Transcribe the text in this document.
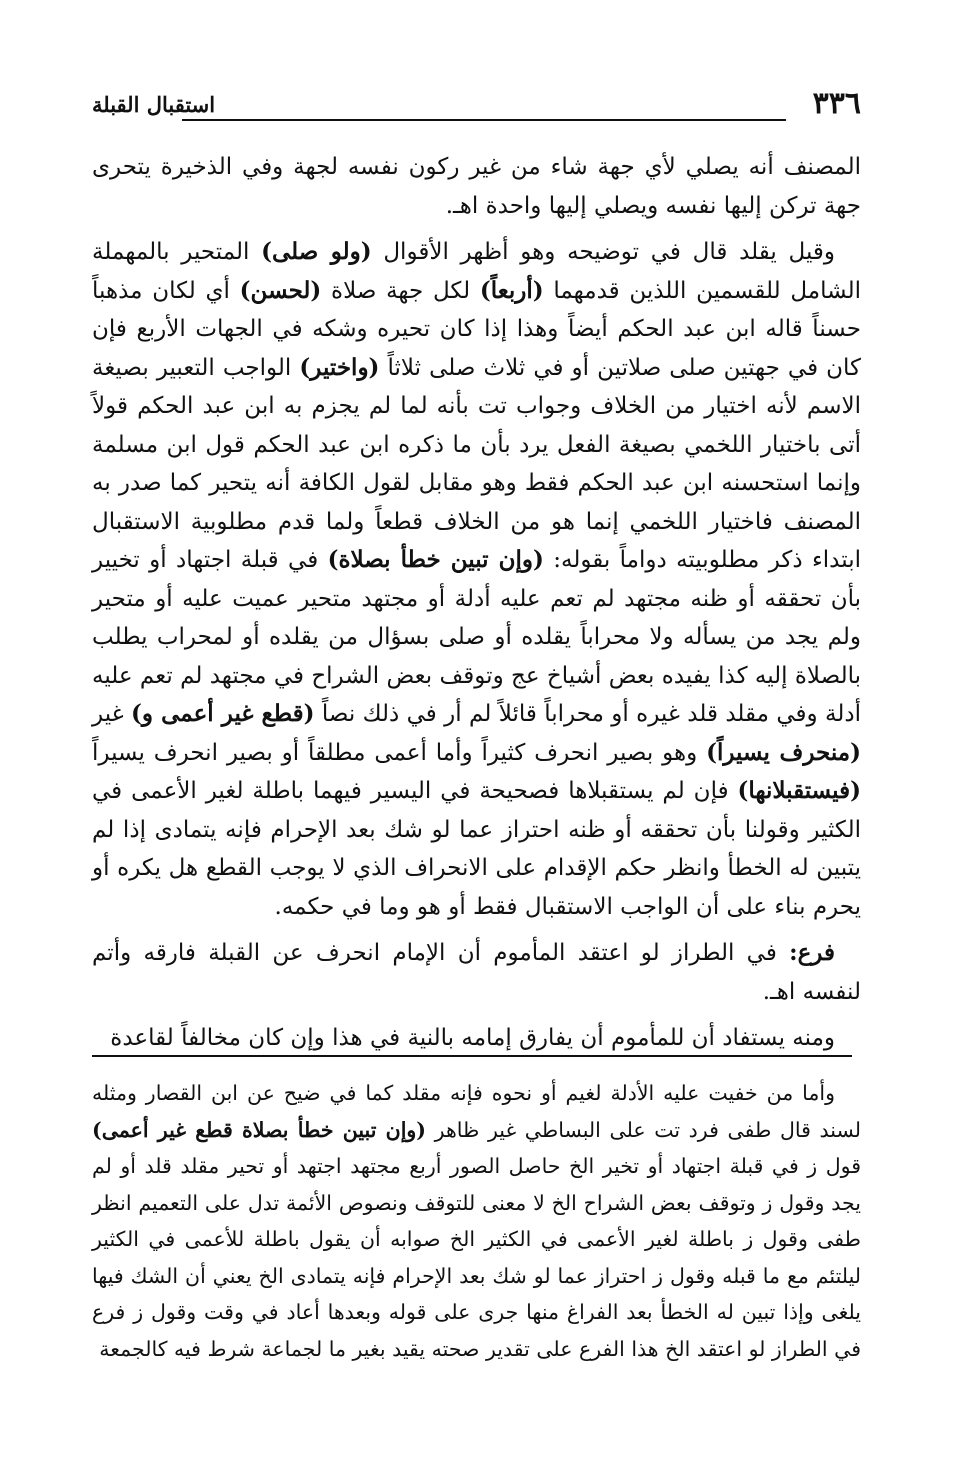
٣٣٦
استقبال القبلة

المصنف أنه يصلي لأي جهة شاء من غير ركون نفسه لجهة وفي الذخيرة يتحرى جهة تركن إليها نفسه ويصلي إليها واحدة اهـ.

وقيل يقلد قال في توضيحه وهو أظهر الأقوال (ولو صلى) المتحير بالمهملة الشامل للقسمين اللذين قدمهما (أربعاً) لكل جهة صلاة (لحسن) أي لكان مذهباً حسناً قاله ابن عبد الحكم أيضاً وهذا إذا كان تحيره وشكه في الجهات الأربع فإن كان في جهتين صلى صلاتين أو في ثلاث صلى ثلاثاً (واختير) الواجب التعبير بصيغة الاسم لأنه اختيار من الخلاف وجواب تت بأنه لما لم يجزم به ابن عبد الحكم قولاً أتى باختيار اللخمي بصيغة الفعل يرد بأن ما ذكره ابن عبد الحكم قول ابن مسلمة وإنما استحسنه ابن عبد الحكم فقط وهو مقابل لقول الكافة أنه يتحير كما صدر به المصنف فاختيار اللخمي إنما هو من الخلاف قطعاً ولما قدم مطلوبية الاستقبال ابتداء ذكر مطلوبيته دواماً بقوله: (وإن تبين خطأ بصلاة) في قبلة اجتهاد أو تخيير بأن تحققه أو ظنه مجتهد لم تعم عليه أدلة أو مجتهد متحير عميت عليه أو متحير ولم يجد من يسأله ولا محراباً يقلده أو صلى بسؤال من يقلده أو لمحراب يطلب بالصلاة إليه كذا يفيده بعض أشياخ عج وتوقف بعض الشراح في مجتهد لم تعم عليه أدلة وفي مقلد قلد غيره أو محراباً قائلاً لم أر في ذلك نصاً (قطع غير أعمى و) غير (منحرف يسيراً) وهو بصير انحرف كثيراً وأما أعمى مطلقاً أو بصير انحرف يسيراً (فيستقبلانها) فإن لم يستقبلاها فصحيحة في اليسير فيهما باطلة لغير الأعمى في الكثير وقولنا بأن تحققه أو ظنه احتراز عما لو شك بعد الإحرام فإنه يتمادى إذا لم يتبين له الخطأ وانظر حكم الإقدام على الانحراف الذي لا يوجب القطع هل يكره أو يحرم بناء على أن الواجب الاستقبال فقط أو هو وما في حكمه.

فرع: في الطراز لو اعتقد المأموم أن الإمام انحرف عن القبلة فارقه وأتم لنفسه اهـ.

ومنه يستفاد أن للمأموم أن يفارق إمامه بالنية في هذا وإن كان مخالفاً لقاعدة

وأما من خفيت عليه الأدلة لغيم أو نحوه فإنه مقلد كما في ضيح عن ابن القصار ومثله لسند قال طفى فرد تت على البساطي غير ظاهر (وإن تبين خطأ بصلاة قطع غير أعمى) قول ز في قبلة اجتهاد أو تخير الخ حاصل الصور أربع مجتهد اجتهد أو تحير مقلد قلد أو لم يجد وقول ز وتوقف بعض الشراح الخ لا معنى للتوقف ونصوص الأئمة تدل على التعميم انظر طفى وقول ز باطلة لغير الأعمى في الكثير الخ صوابه أن يقول باطلة للأعمى في الكثير ليلتئم مع ما قبله وقول ز احتراز عما لو شك بعد الإحرام فإنه يتمادى الخ يعني أن الشك فيها يلغى وإذا تبين له الخطأ بعد الفراغ منها جرى على قوله وبعدها أعاد في وقت وقول ز فرع في الطراز لو اعتقد الخ هذا الفرع على تقدير صحته يقيد بغير ما لجماعة شرط فيه كالجمعة
